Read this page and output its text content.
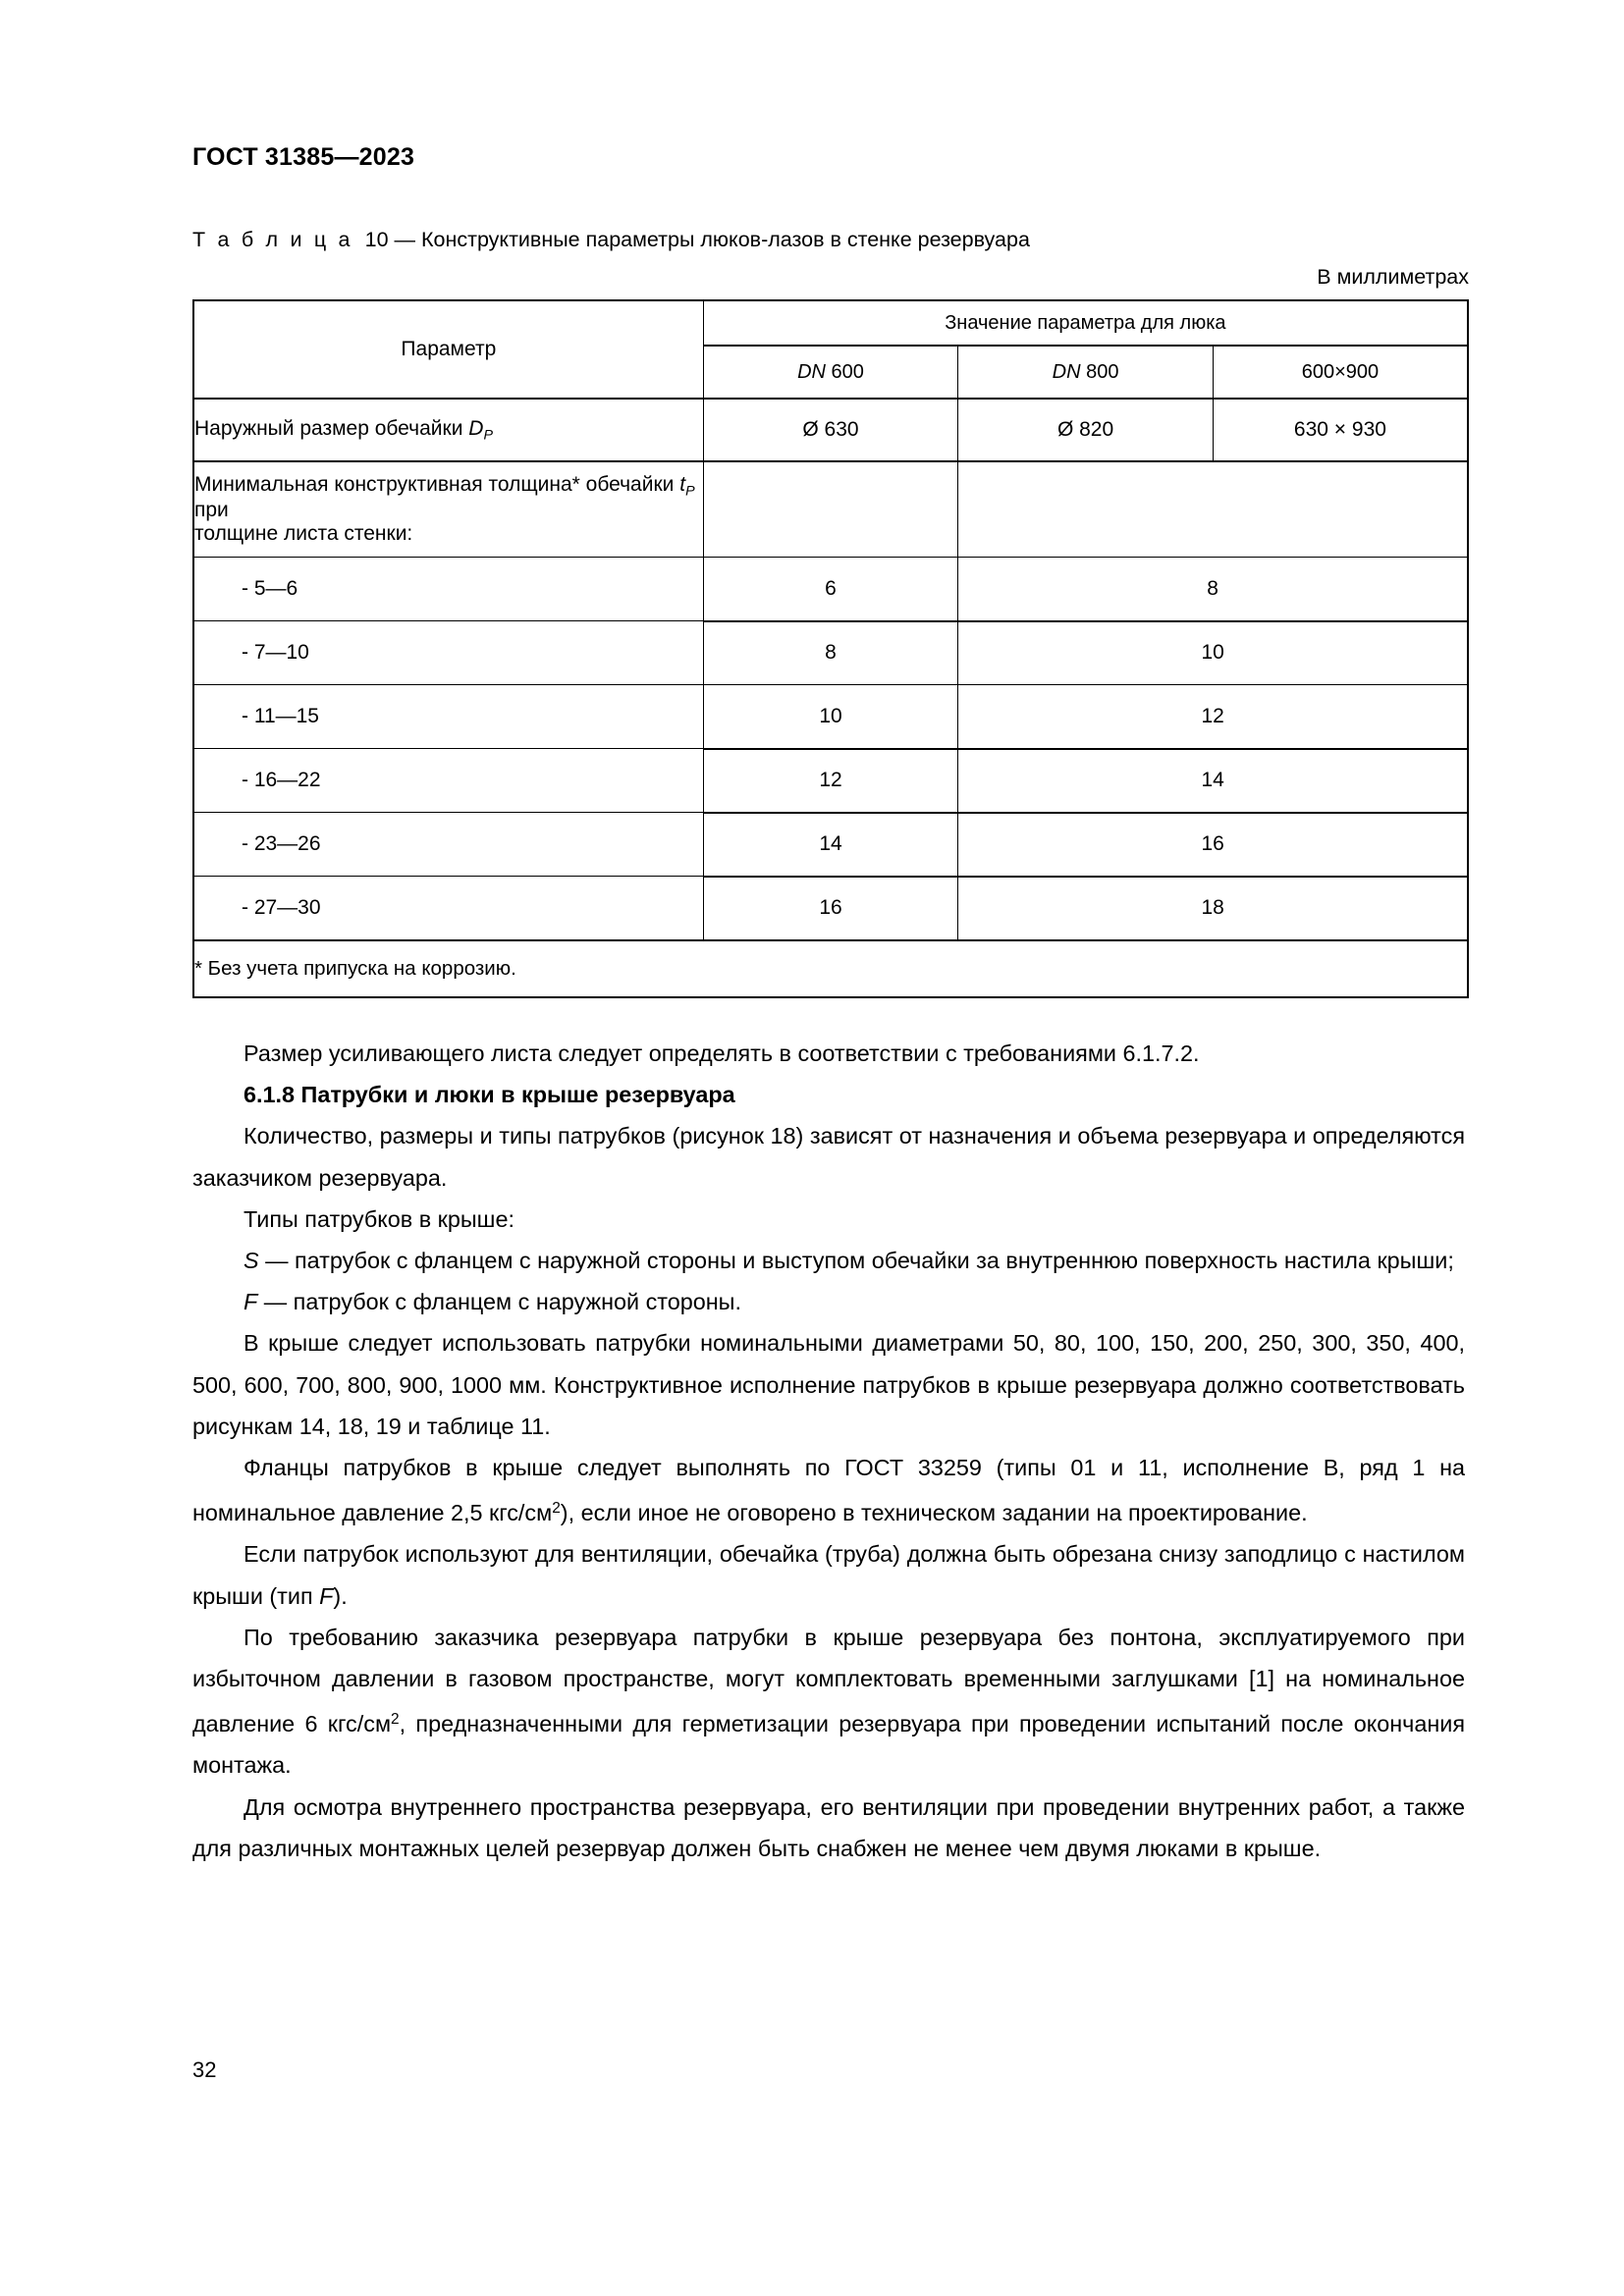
ГОСТ 31385—2023
Т а б л и ц а 10 — Конструктивные параметры люков-лазов в стенке резервуара
В миллиметрах
Параметр	Значение параметра для люка		
	DN 600	DN 800	600×900
Наружный размер обечайки $D_P$	Ø 630	Ø 820	630 × 930
Минимальная конструктивная толщина* обечайки $t_P$ при
толщине листа стенки:			
- 5—6	6	8	
- 7—10	8	10	
- 11—15	10	12	
- 16—22	12	14	
- 23—26	14	16	
- 27—30	16	18	
* Без учета припуска на коррозию.			

Размер усиливающего листа следует определять в соответствии с требованиями 6.1.7.2.

6.1.8 Патрубки и люки в крыше резервуара

Количество, размеры и типы патрубков (рисунок 18) зависят от назначения и объема резервуара и определяются заказчиком резервуара.

Типы патрубков в крыше:

S — патрубок с фланцем с наружной стороны и выступом обечайки за внутреннюю поверхность настила крыши;

F — патрубок с фланцем с наружной стороны.

В крыше следует использовать патрубки номинальными диаметрами 50, 80, 100, 150, 200, 250, 300, 350, 400, 500, 600, 700, 800, 900, 1000 мм. Конструктивное исполнение патрубков в крыше резервуара должно соответствовать рисункам 14, 18, 19 и таблице 11.

Фланцы патрубков в крыше следует выполнять по ГОСТ 33259 (типы 01 и 11, исполнение В, ряд 1 на номинальное давление 2,5 кгс/$см^2$), если иное не оговорено в техническом задании на проектирование.

Если патрубок используют для вентиляции, обечайка (труба) должна быть обрезана снизу заподлицо с настилом крыши (тип F).

По требованию заказчика резервуара патрубки в крыше резервуара без понтона, эксплуатируемого при избыточном давлении в газовом пространстве, могут комплектовать временными заглушками [1] на номинальное давление 6 кгс/$см^2$, предназначенными для герметизации резервуара при проведении испытаний после окончания монтажа.

Для осмотра внутреннего пространства резервуара, его вентиляции при проведении внутренних работ, а также для различных монтажных целей резервуар должен быть снабжен не менее чем двумя люками в крыше.

32
